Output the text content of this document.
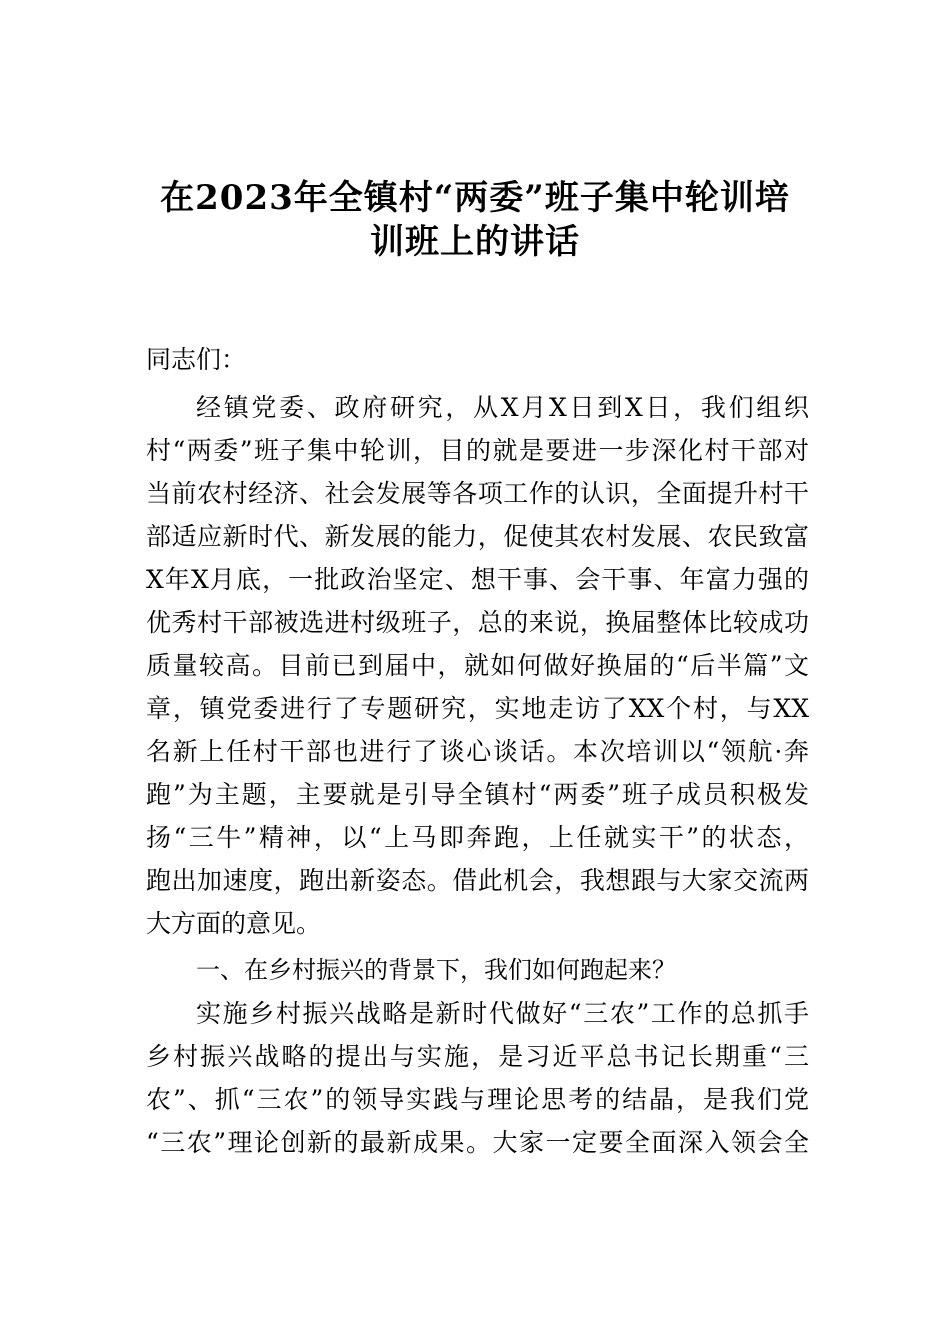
在2023年全镇村“两委”班子集中轮训培
训班上的讲话
同志们：
经镇党委、政府研究，从X月X日到X日，我们组织
村“两委”班子集中轮训，目的就是要进一步深化村干部对
当前农村经济、社会发展等各项工作的认识，全面提升村干
部适应新时代、新发展的能力，促使其农村发展、农民致富
X年X月底，一批政治坚定、想干事、会干事、年富力强的
优秀村干部被选进村级班子，总的来说，换届整体比较成功
质量较高。目前已到届中，就如何做好换届的“后半篇”文
章，镇党委进行了专题研究，实地走访了XX个村，与XX
名新上任村干部也进行了谈心谈话。本次培训以“领航·奔
跑”为主题，主要就是引导全镇村“两委”班子成员积极发
扬“三牛”精神，以“上马即奔跑，上任就实干”的状态，
跑出加速度，跑出新姿态。借此机会，我想跟与大家交流两
大方面的意见。
一、在乡村振兴的背景下，我们如何跑起来？
实施乡村振兴战略是新时代做好“三农”工作的总抓手
乡村振兴战略的提出与实施，是习近平总书记长期重“三
农”、抓“三农”的领导实践与理论思考的结晶，是我们党
“三农”理论创新的最新成果。大家一定要全面深入领会全
